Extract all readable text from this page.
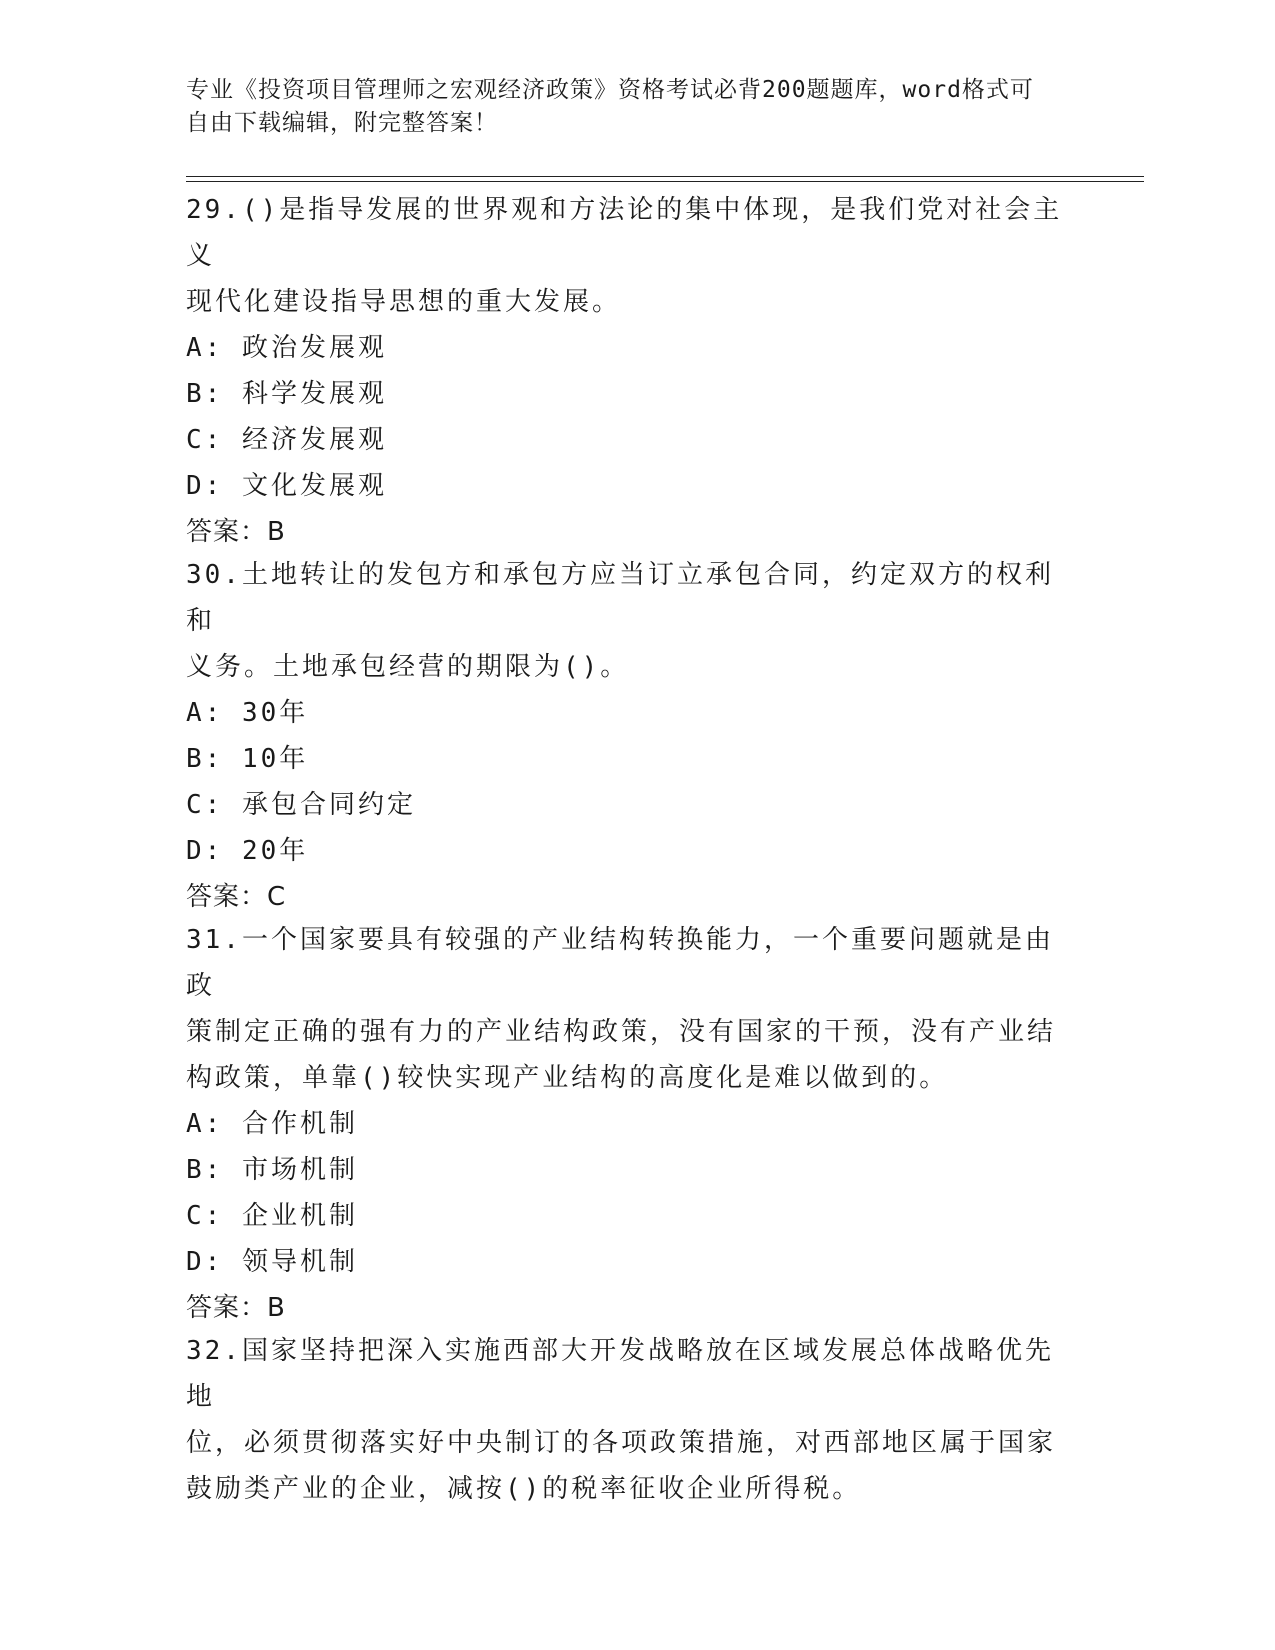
专业《投资项目管理师之宏观经济政策》资格考试必背200题题库，word格式可
自由下载编辑，附完整答案！
29.()是指导发展的世界观和方法论的集中体现，是我们党对社会主义
现代化建设指导思想的重大发展。
A: 政治发展观
B: 科学发展观
C: 经济发展观
D: 文化发展观
答案：B
30.土地转让的发包方和承包方应当订立承包合同，约定双方的权利和
义务。土地承包经营的期限为()。
A: 30年
B: 10年
C: 承包合同约定
D: 20年
答案：C
31.一个国家要具有较强的产业结构转换能力，一个重要问题就是由政
策制定正确的强有力的产业结构政策，没有国家的干预，没有产业结
构政策，单靠()较快实现产业结构的高度化是难以做到的。
A: 合作机制
B: 市场机制
C: 企业机制
D: 领导机制
答案：B
32.国家坚持把深入实施西部大开发战略放在区域发展总体战略优先地
位，必须贯彻落实好中央制订的各项政策措施，对西部地区属于国家
鼓励类产业的企业，减按()的税率征收企业所得税。
